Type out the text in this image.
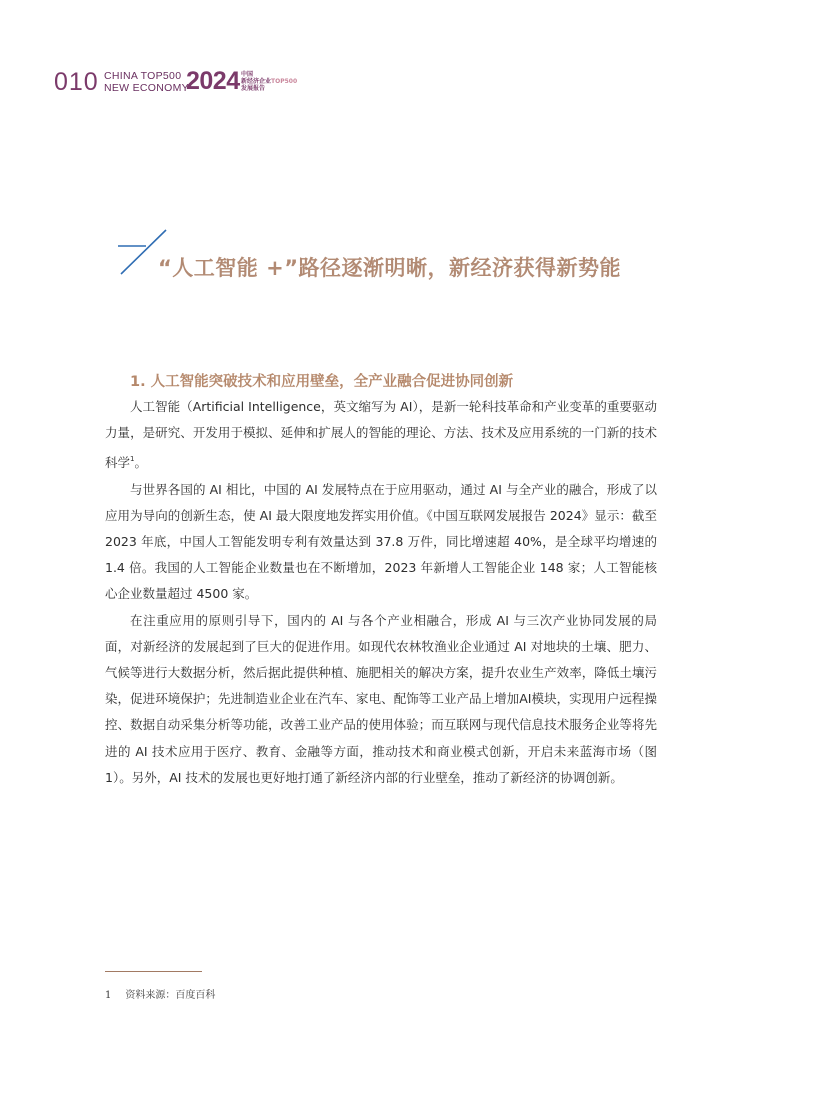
010 CHINA TOP500
NEW ECONOMY
2024 中国
新经济企业TOP500
发展报告
“人工智能 +”路径逐渐明晰，新经济获得新势能
1. 人工智能突破技术和应用壁垒，全产业融合促进协同创新

人工智能（Artificial Intelligence，英文缩写为 AI），是新一轮科技革命和产业变革的重要驱动力量，是研究、开发用于模拟、延伸和扩展人的智能的理论、方法、技术及应用系统的一门新的技术科学$^1$。

与世界各国的 AI 相比，中国的 AI 发展特点在于应用驱动，通过 AI 与全产业的融合，形成了以应用为导向的创新生态，使 AI 最大限度地发挥实用价值。《中国互联网发展报告 2024》显示：截至 2023 年底，中国人工智能发明专利有效量达到 37.8 万件，同比增速超 40%，是全球平均增速的 1.4 倍。我国的人工智能企业数量也在不断增加，2023 年新增人工智能企业 148 家；人工智能核心企业数量超过 4500 家。

在注重应用的原则引导下，国内的 AI 与各个产业相融合，形成 AI 与三次产业协同发展的局面，对新经济的发展起到了巨大的促进作用。如现代农林牧渔业企业通过 AI 对地块的土壤、肥力、气候等进行大数据分析，然后据此提供种植、施肥相关的解决方案，提升农业生产效率，降低土壤污染，促进环境保护；先进制造业企业在汽车、家电、配饰等工业产品上增加AI模块，实现用户远程操控、数据自动采集分析等功能，改善工业产品的使用体验；而互联网与现代信息技术服务企业等将先进的 AI 技术应用于医疗、教育、金融等方面，推动技术和商业模式创新，开启未来蓝海市场（图 1）。另外，AI 技术的发展也更好地打通了新经济内部的行业壁垒，推动了新经济的协调创新。

1 资料来源：百度百科
